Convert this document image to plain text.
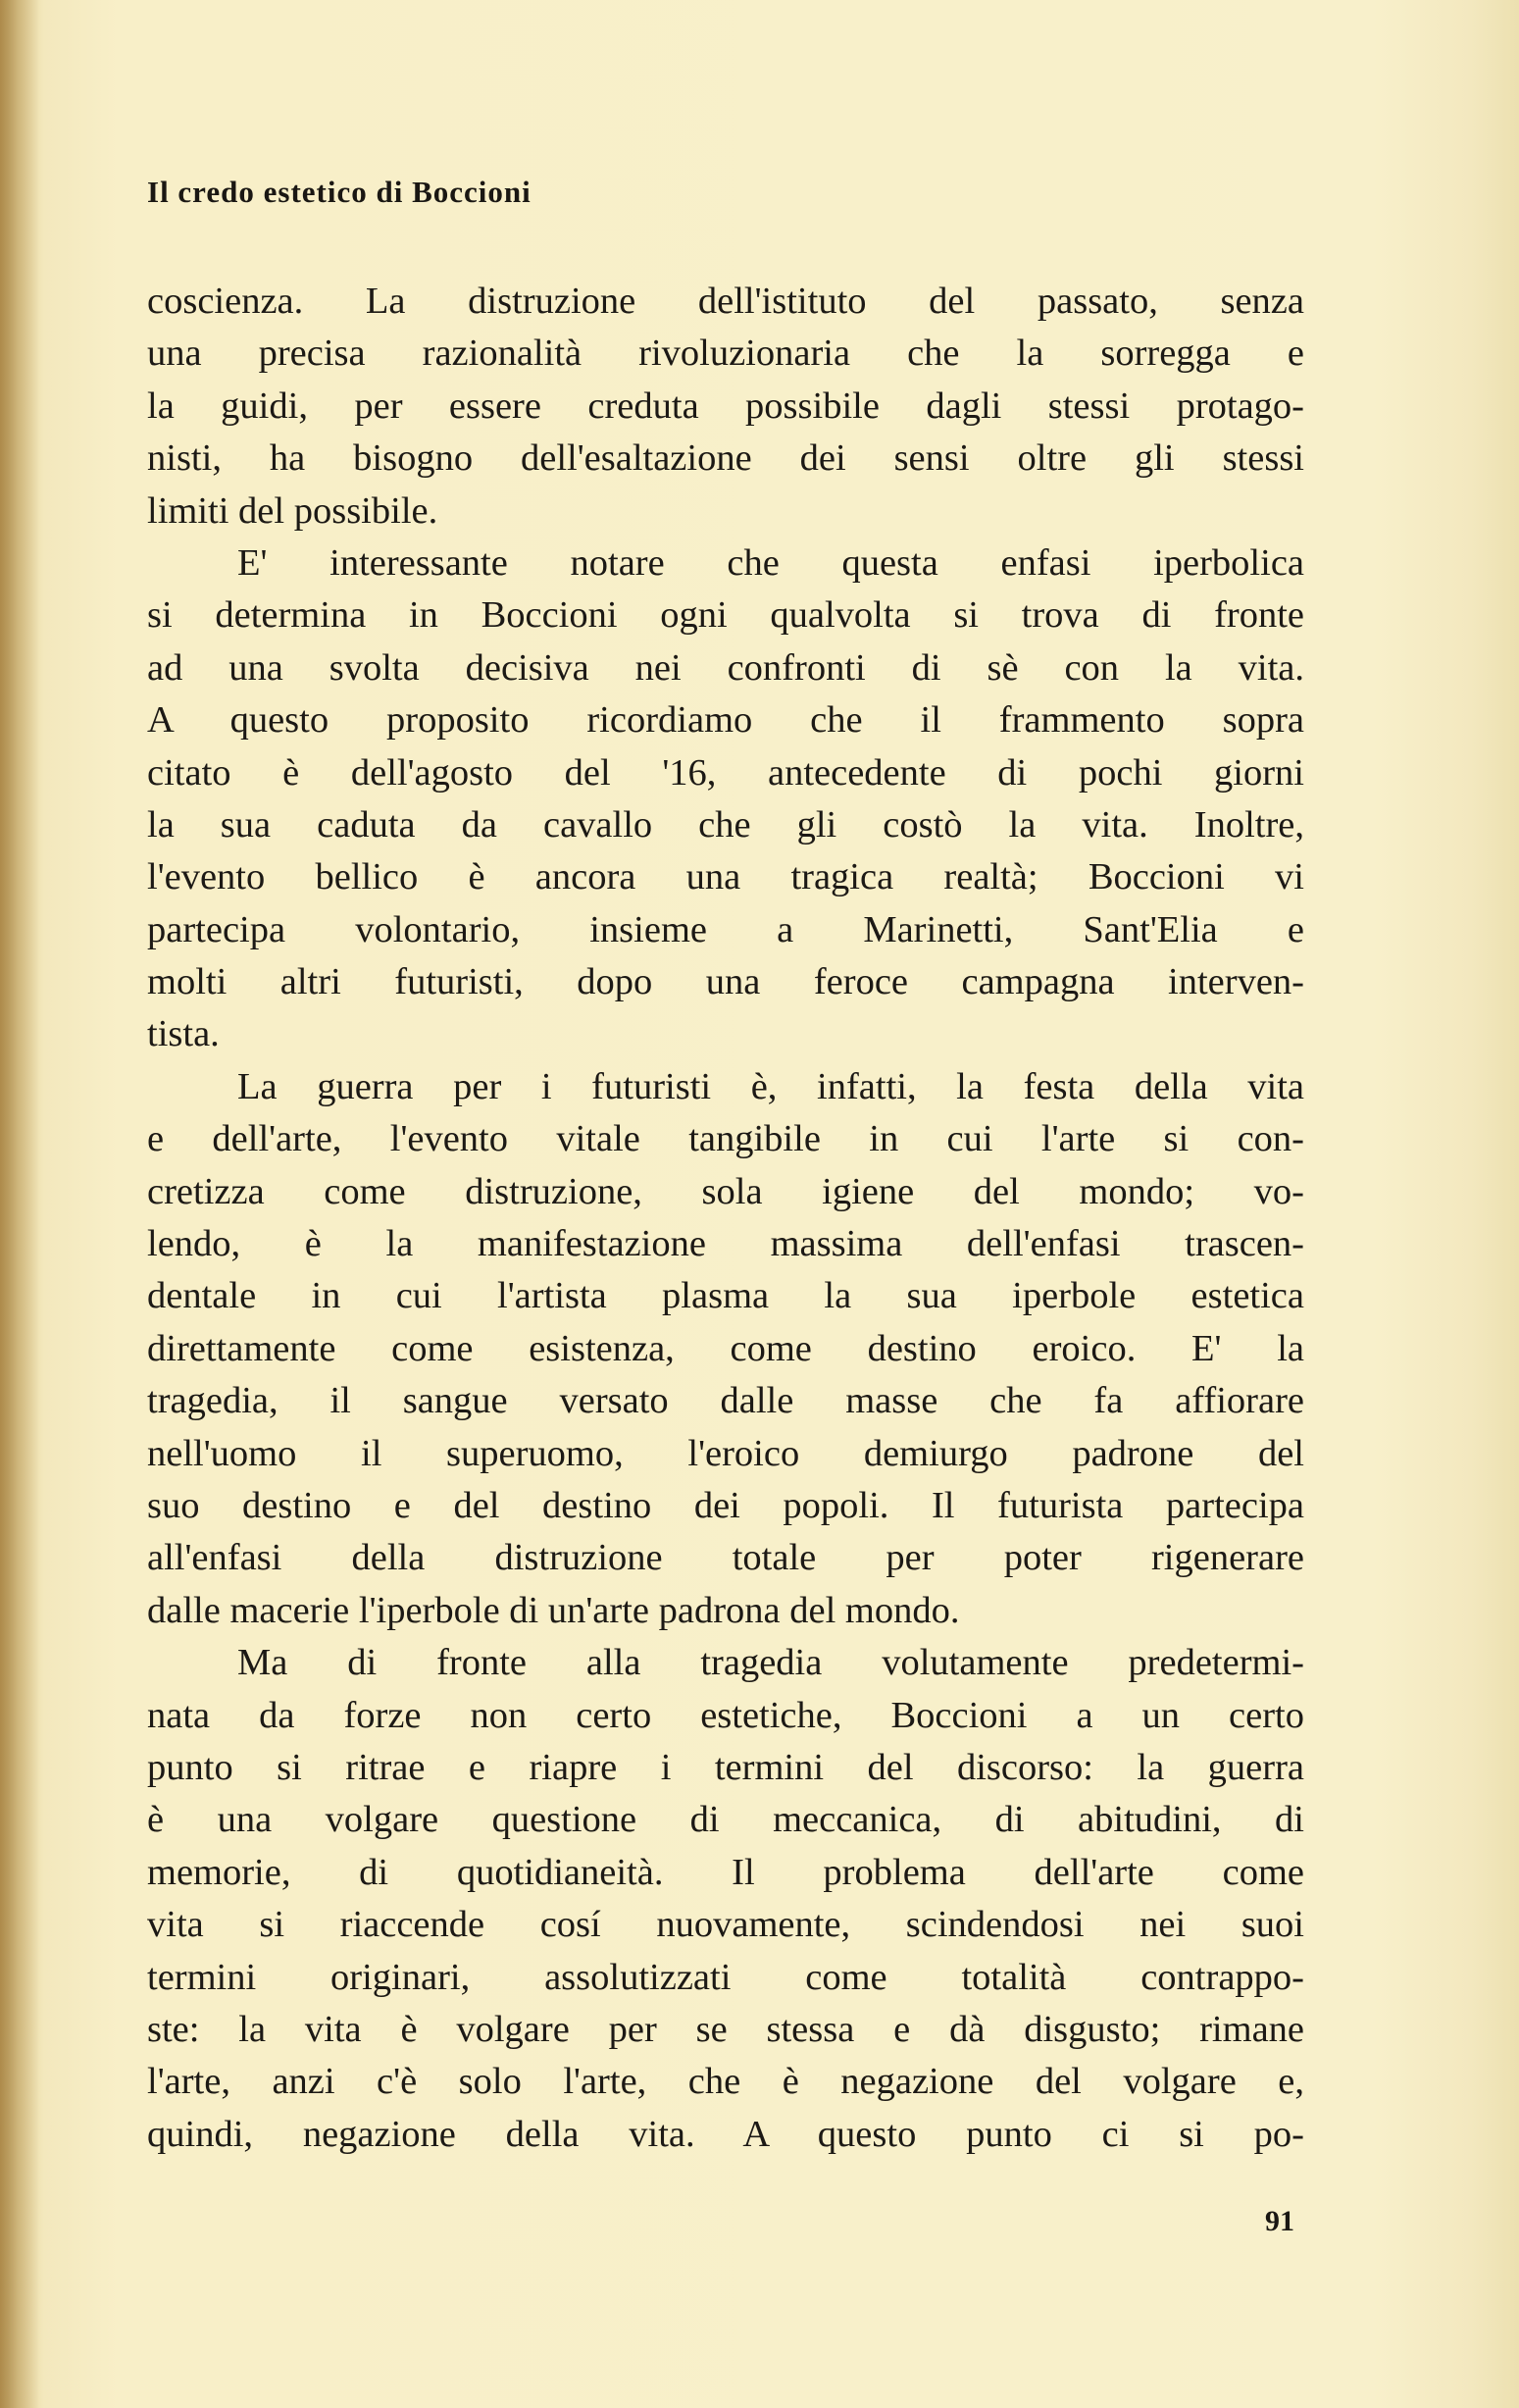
Il credo estetico di Boccioni
coscienza. La distruzione dell'istituto del passato, senza
una precisa razionalità rivoluzionaria che la sorregga e
la guidi, per essere creduta possibile dagli stessi protago-
nisti, ha bisogno dell'esaltazione dei sensi oltre gli stessi
limiti del possibile.
E' interessante notare che questa enfasi iperbolica
si determina in Boccioni ogni qualvolta si trova di fronte
ad una svolta decisiva nei confronti di sè con la vita.
A questo proposito ricordiamo che il frammento sopra
citato è dell'agosto del '16, antecedente di pochi giorni
la sua caduta da cavallo che gli costò la vita. Inoltre,
l'evento bellico è ancora una tragica realtà; Boccioni vi
partecipa volontario, insieme a Marinetti, Sant'Elia e
molti altri futuristi, dopo una feroce campagna interven-
tista.
La guerra per i futuristi è, infatti, la festa della vita
e dell'arte, l'evento vitale tangibile in cui l'arte si con-
cretizza come distruzione, sola igiene del mondo; vo-
lendo, è la manifestazione massima dell'enfasi trascen-
dentale in cui l'artista plasma la sua iperbole estetica
direttamente come esistenza, come destino eroico. E' la
tragedia, il sangue versato dalle masse che fa affiorare
nell'uomo il superuomo, l'eroico demiurgo padrone del
suo destino e del destino dei popoli. Il futurista partecipa
all'enfasi della distruzione totale per poter rigenerare
dalle macerie l'iperbole di un'arte padrona del mondo.
Ma di fronte alla tragedia volutamente predetermi-
nata da forze non certo estetiche, Boccioni a un certo
punto si ritrae e riapre i termini del discorso: la guerra
è una volgare questione di meccanica, di abitudini, di
memorie, di quotidianeità. Il problema dell'arte come
vita si riaccende cosí nuovamente, scindendosi nei suoi
termini originari, assolutizzati come totalità contrappo-
ste: la vita è volgare per se stessa e dà disgusto; rimane
l'arte, anzi c'è solo l'arte, che è negazione del volgare e,
quindi, negazione della vita. A questo punto ci si po-
91
